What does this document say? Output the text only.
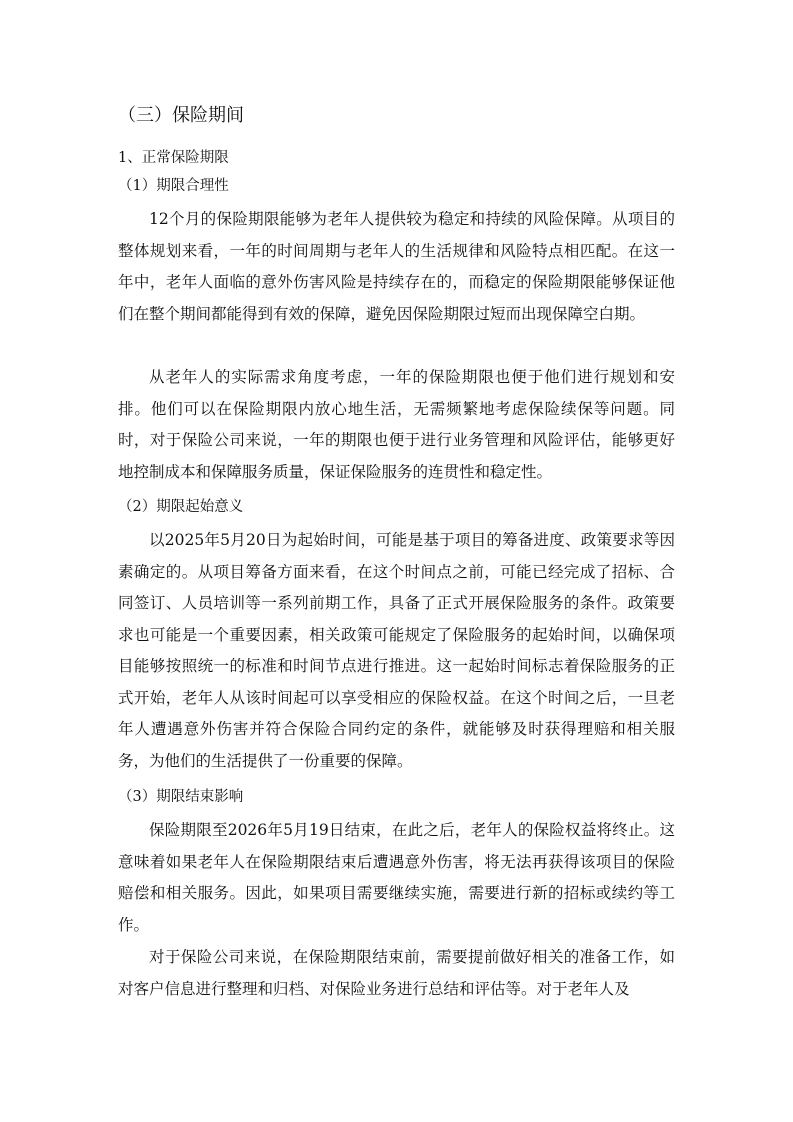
（三）保险期间
1、正常保险期限
（1）期限合理性

12个月的保险期限能够为老年人提供较为稳定和持续的风险保障。从项目的整体规划来看，一年的时间周期与老年人的生活规律和风险特点相匹配。在这一年中，老年人面临的意外伤害风险是持续存在的，而稳定的保险期限能够保证他们在整个期间都能得到有效的保障，避免因保险期限过短而出现保障空白期。

从老年人的实际需求角度考虑，一年的保险期限也便于他们进行规划和安排。他们可以在保险期限内放心地生活，无需频繁地考虑保险续保等问题。同时，对于保险公司来说，一年的期限也便于进行业务管理和风险评估，能够更好地控制成本和保障服务质量，保证保险服务的连贯性和稳定性。

（2）期限起始意义

以2025年5月20日为起始时间，可能是基于项目的筹备进度、政策要求等因素确定的。从项目筹备方面来看，在这个时间点之前，可能已经完成了招标、合同签订、人员培训等一系列前期工作，具备了正式开展保险服务的条件。政策要求也可能是一个重要因素，相关政策可能规定了保险服务的起始时间，以确保项目能够按照统一的标准和时间节点进行推进。这一起始时间标志着保险服务的正式开始，老年人从该时间起可以享受相应的保险权益。在这个时间之后，一旦老年人遭遇意外伤害并符合保险合同约定的条件，就能够及时获得理赔和相关服务，为他们的生活提供了一份重要的保障。

（3）期限结束影响

保险期限至2026年5月19日结束，在此之后，老年人的保险权益将终止。这意味着如果老年人在保险期限结束后遭遇意外伤害，将无法再获得该项目的保险赔偿和相关服务。因此，如果项目需要继续实施，需要进行新的招标或续约等工作。

对于保险公司来说，在保险期限结束前，需要提前做好相关的准备工作，如对客户信息进行整理和归档、对保险业务进行总结和评估等。对于老年人及
